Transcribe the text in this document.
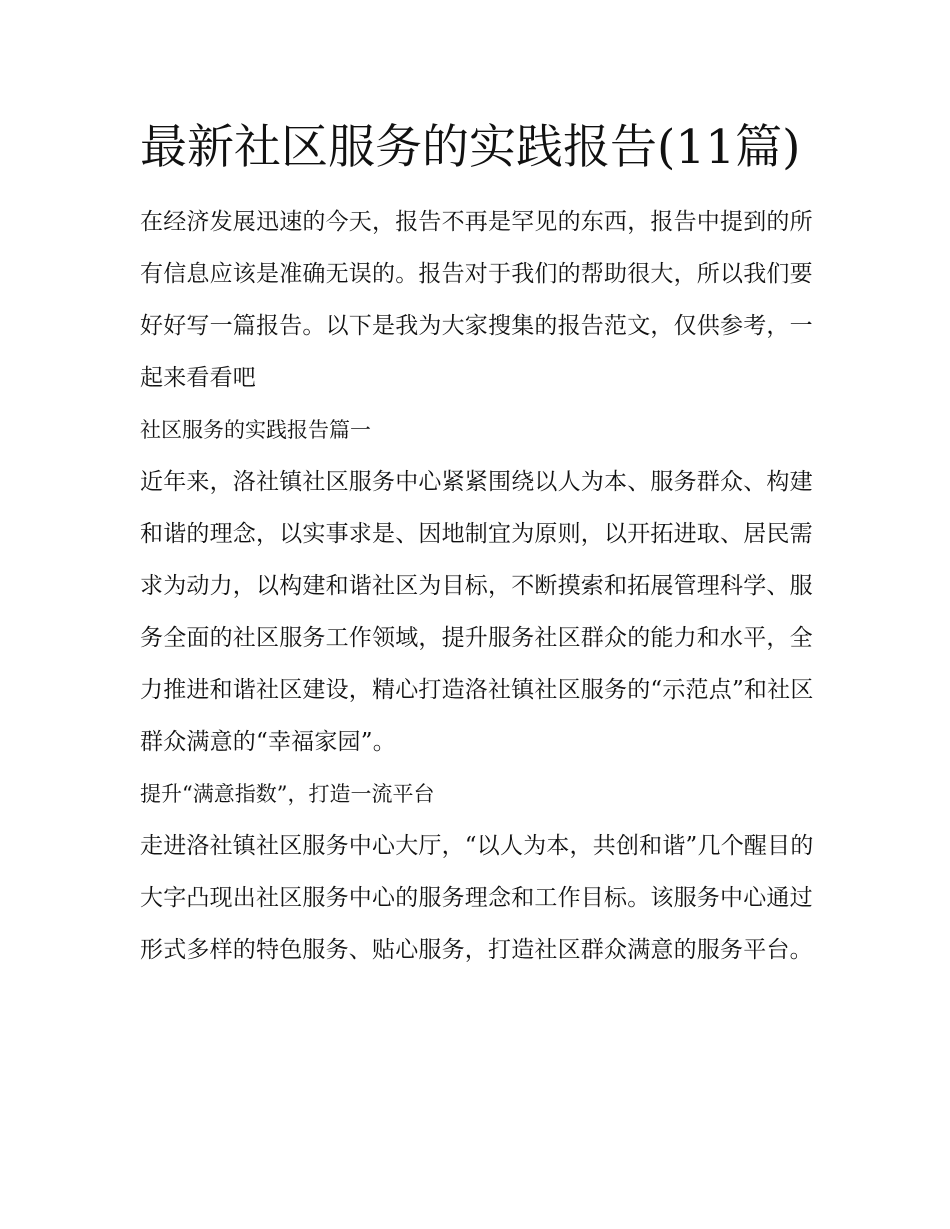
最新社区服务的实践报告(11篇)

在经济发展迅速的今天，报告不再是罕见的东西，报告中提到的所有信息应该是准确无误的。报告对于我们的帮助很大，所以我们要好好写一篇报告。以下是我为大家搜集的报告范文，仅供参考，一起来看看吧

社区服务的实践报告篇一

近年来，洛社镇社区服务中心紧紧围绕以人为本、服务群众、构建和谐的理念，以实事求是、因地制宜为原则，以开拓进取、居民需求为动力，以构建和谐社区为目标，不断摸索和拓展管理科学、服务全面的社区服务工作领域，提升服务社区群众的能力和水平，全力推进和谐社区建设，精心打造洛社镇社区服务的“示范点”和社区群众满意的“幸福家园”。

提升“满意指数”，打造一流平台

走进洛社镇社区服务中心大厅，“以人为本，共创和谐”几个醒目的大字凸现出社区服务中心的服务理念和工作目标。该服务中心通过形式多样的特色服务、贴心服务，打造社区群众满意的服务平台。
